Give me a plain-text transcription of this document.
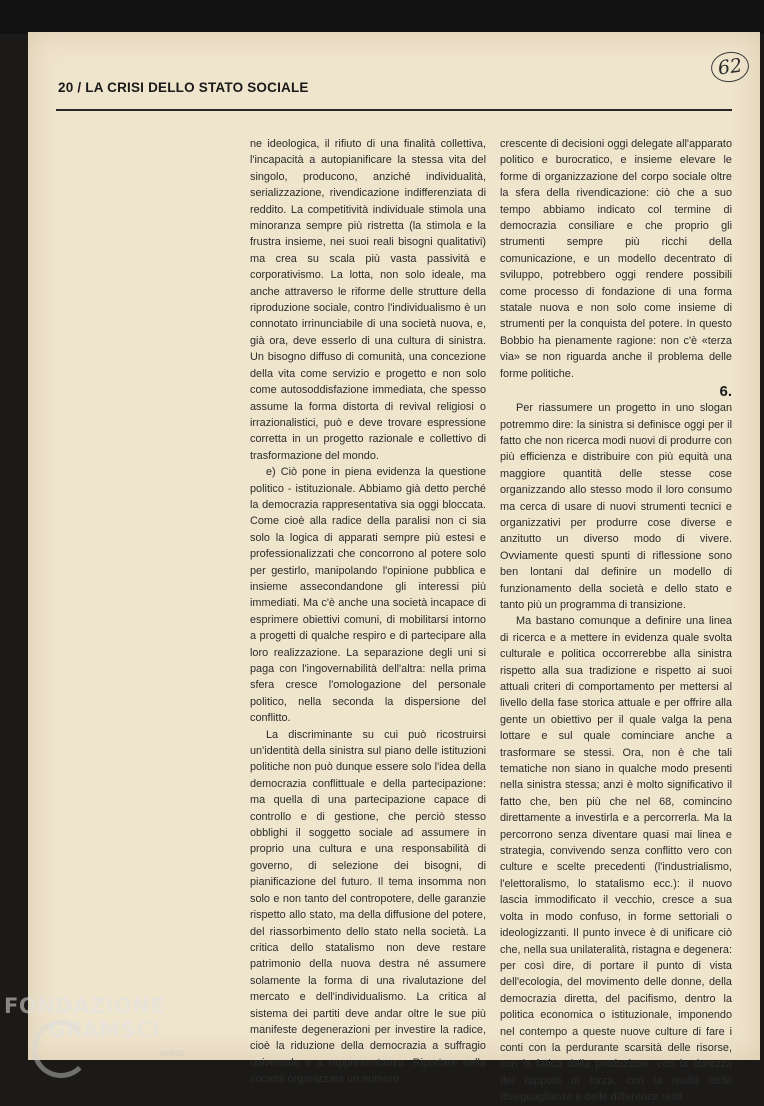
20 / LA CRISI DELLO STATO SOCIALE
62

ne ideologica, il rifiuto di una finalità collettiva, l'incapacità a autopianificare la stessa vita del singolo, producono, anziché individualità, serializzazione, rivendicazione indifferenziata di reddito. La competitività individuale stimola una minoranza sempre più ristretta (la stimola e la frustra insieme, nei suoi reali bisogni qualitativi) ma crea su scala più vasta passività e corporativismo. La lotta, non solo ideale, ma anche attraverso le riforme delle strutture della riproduzione sociale, contro l'individualismo è un connotato irrinunciabile di una società nuova, e, già ora, deve esserlo di una cultura di sinistra. Un bisogno diffuso di comunità, una concezione della vita come servizio e progetto e non solo come autosoddisfazione immediata, che spesso assume la forma distorta di revival religiosi o irrazionalistici, può e deve trovare espressione corretta in un progetto razionale e collettivo di trasformazione del mondo.

e) Ciò pone in piena evidenza la questione politico - istituzionale. Abbiamo già detto perché la democrazia rappresentativa sia oggi bloccata. Come cioè alla radice della paralisi non ci sia solo la logica di apparati sempre più estesi e professionalizzati che concorrono al potere solo per gestirlo, manipolando l'opinione pubblica e insieme assecondandone gli interessi più immediati. Ma c'è anche una società incapace di esprimere obiettivi comuni, di mobilitarsi intorno a progetti di qualche respiro e di partecipare alla loro realizzazione. La separazione degli uni si paga con l'ingovernabilità dell'altra: nella prima sfera cresce l'omologazione del personale politico, nella seconda la dispersione del conflitto.

La discriminante su cui può ricostruirsi un'identità della sinistra sul piano delle istituzioni politiche non può dunque essere solo l'idea della democrazia conflittuale e della partecipazione: ma quella di una partecipazione capace di controllo e di gestione, che perciò stesso obblighi il soggetto sociale ad assumere in proprio una cultura e una responsabilità di governo, di selezione dei bisogni, di pianificazione del futuro. Il tema insomma non solo e non tanto del contropotere, delle garanzie rispetto allo stato, ma della diffusione del potere, del riassorbimento dello stato nella società. La critica dello statalismo non deve restare patrimonio della nuova destra né assumere solamente la forma di una rivalutazione del mercato e dell'individualismo. La critica al sistema dei partiti deve andar oltre le sue più manifeste degenerazioni per investire la radice, cioè la riduzione della democrazia a suffragio universale e a rappresentanza. Riportare nella società organizzata un numero

crescente di decisioni oggi delegate all'apparato politico e burocratico, e insieme elevare le forme di organizzazione del corpo sociale oltre la sfera della rivendicazione: ciò che a suo tempo abbiamo indicato col termine di democrazia consiliare e che proprio gli strumenti sempre più ricchi della comunicazione, e un modello decentrato di sviluppo, potrebbero oggi rendere possibili come processo di fondazione di una forma statale nuova e non solo come insieme di strumenti per la conquista del potere. In questo Bobbio ha pienamente ragione: non c'è «terza via» se non riguarda anche il problema delle forme politiche.

6.

Per riassumere un progetto in uno slogan potremmo dire: la sinistra si definisce oggi per il fatto che non ricerca modi nuovi di produrre con più efficienza e distribuire con più equità una maggiore quantità delle stesse cose organizzando allo stesso modo il loro consumo ma cerca di usare di nuovi strumenti tecnici e organizzativi per produrre cose diverse e anzitutto un diverso modo di vivere. Ovviamente questi spunti di riflessione sono ben lontani dal definire un modello di funzionamento della società e dello stato e tanto più un programma di transizione.

Ma bastano comunque a definire una linea di ricerca e a mettere in evidenza quale svolta culturale e politica occorrerebbe alla sinistra rispetto alla sua tradizione e rispetto ai suoi attuali criteri di comportamento per mettersi al livello della fase storica attuale e per offrire alla gente un obiettivo per il quale valga la pena lottare e sul quale cominciare anche a trasformare se stessi. Ora, non è che tali tematiche non siano in qualche modo presenti nella sinistra stessa; anzi è molto significativo il fatto che, ben più che nel 68, comincino direttamente a investirla e a percorrerla. Ma la percorrono senza diventare quasi mai linea e strategia, convivendo senza conflitto vero con culture e scelte precedenti (l'industrialismo, l'elettoralismo, lo statalismo ecc.): il nuovo lascia immodificato il vecchio, cresce a sua volta in modo confuso, in forme settoriali o ideologizzanti. Il punto invece è di unificare ciò che, nella sua unilateralità, ristagna e degenera: per così dire, di portare il punto di vista dell'ecologia, del movimento delle donne, della democrazia diretta, del pacifismo, dentro la politica economica o istituzionale, imponendo nel contempo a queste nuove culture di fare i conti con la perdurante scarsità delle risorse, con la fatica della produzione, con la durezza dei rapporti di forza, con la realtà delle diseguaglianze e delle differenze reali.

FONDAZIONE
GRAMSCI
onlus
